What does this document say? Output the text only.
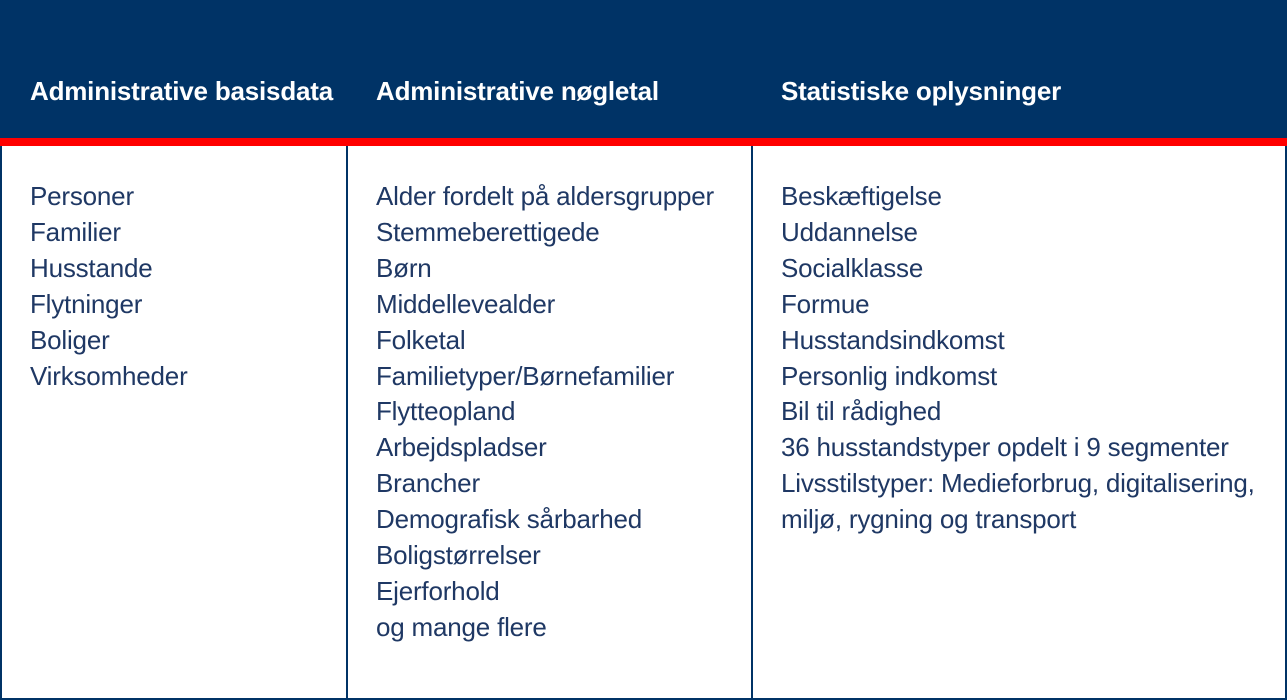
Administrative basisdata Administrative nøgletal	Statistiske oplysninger
Personer
Familier
Husstande
Flytninger
Boliger
Virksomheder
Alder fordelt på aldersgrupper
Stemmeberettigede
Børn
Middellevealder
Folketal
Familietyper/Børnefamilier
Flytteopland
Arbejdspladser
Brancher
Demografisk sårbarhed
Boligstørrelser
Ejerforhold
og mange flere
Beskæftigelse
Uddannelse
Socialklasse
Formue
Husstandsindkomst
Personlig indkomst
Bil til rådighed
36 husstandstyper opdelt i 9 segmenter
Livsstilstyper: Medieforbrug, digitalisering,
miljø, rygning og transport
